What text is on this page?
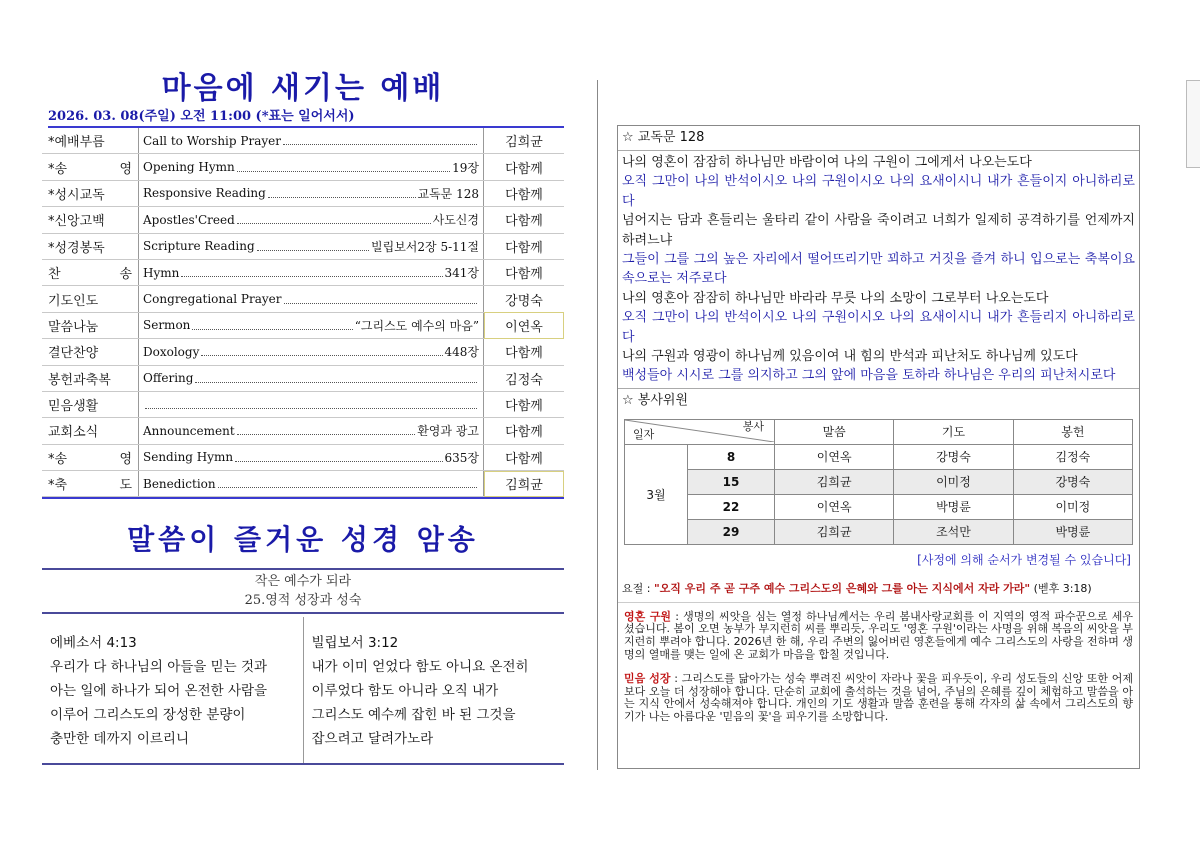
마음에 새기는 예배
2026. 03. 08(주일) 오전 11:00 (*표는 일어서서)
*예배부름	Call to Worship Prayer	김희균
*송 영	Opening Hymn 19장	다함께
*성시교독	Responsive Reading 교독문 128	다함께
*신앙고백	Apostles'Creed 사도신경	다함께
*성경봉독	Scripture Reading 빌립보서2장 5-11절	다함께
찬 송	Hymn 341장	다함께
기도인도	Congregational Prayer	강명숙
말씀나눔	Sermon “그리스도 예수의 마음”	이연옥
결단찬양	Doxology 448장	다함께
봉헌과축복	Offering	김정숙
믿음생활		다함께
교회소식	Announcement 환영과 광고	다함께
*송 영	Sending Hymn 635장	다함께
*축 도	Benediction	김희균
말씀이 즐거운 성경 암송
작은 예수가 되라
25.영적 성장과 성숙
에베소서 4:13
우리가 다 하나님의 아들을 믿는 것과
아는 일에 하나가 되어 온전한 사람을
이루어 그리스도의 장성한 분량이
충만한 데까지 이르리니
빌립보서 3:12
내가 이미 얻었다 함도 아니요 온전히
이루었다 함도 아니라 오직 내가
그리스도 예수께 잡힌 바 된 그것을
잡으려고 달려가노라
☆ 교독문 128
나의 영혼이 잠잠히 하나님만 바람이여 나의 구원이 그에게서 나오는도다
오직 그만이 나의 반석이시오 나의 구원이시오 나의 요새이시니 내가 흔들이지 아니하리로다
넘어지는 담과 흔들리는 울타리 같이 사람을 죽이려고 너희가 일제히 공격하기를 언제까지 하려느냐
그들이 그를 그의 높은 자리에서 떨어뜨리기만 꾀하고 거짓을 즐겨 하니 입으로는 축복이요 속으로는 저주로다
나의 영혼아 잠잠히 하나님만 바라라 무릇 나의 소망이 그로부터 나오는도다
오직 그만이 나의 반석이시오 나의 구원이시오 나의 요새이시니 내가 흔들리지 아니하리로다
나의 구원과 영광이 하나님께 있음이여 내 힘의 반석과 피난처도 하나님께 있도다
백성들아 시시로 그를 의지하고 그의 앞에 마음을 토하라 하나님은 우리의 피난처시로다
☆ 봉사위원
일자
봉사		말씀	기도	봉헌
3월	8	이연옥	강명숙	김정숙
	15	김희균	이미정	강명숙
	22	이연옥	박명륜	이미정
	29	김희균	조석만	박명륜
[사정에 의해 순서가 변경될 수 있습니다]
요절 : "오직 우리 주 곧 구주 예수 그리스도의 은혜와 그를 아는 지식에서 자라 가라" (벧후 3:18)
영혼 구원 : 생명의 씨앗을 심는 열정 하나님께서는 우리 봄내사랑교회를 이 지역의 영적 파수꾼으로 세우셨습니다. 봄이 오면 농부가 부지런히 씨를 뿌리듯, 우리도 '영혼 구원'이라는 사명을 위해 복음의 씨앗을 부지런히 뿌려야 합니다. 2026년 한 해, 우리 주변의 잃어버린 영혼들에게 예수 그리스도의 사랑을 전하며 생명의 열매를 맺는 일에 온 교회가 마음을 합칠 것입니다.
믿음 성장 : 그리스도를 닮아가는 성숙 뿌려진 씨앗이 자라나 꽃을 피우듯이, 우리 성도들의 신앙 또한 어제보다 오늘 더 성장해야 합니다. 단순히 교회에 출석하는 것을 넘어, 주님의 은혜를 깊이 체험하고 말씀을 아는 지식 안에서 성숙해져야 합니다. 개인의 기도 생활과 말씀 훈련을 통해 각자의 삶 속에서 그리스도의 향기가 나는 아름다운 '믿음의 꽃'을 피우기를 소망합니다.
